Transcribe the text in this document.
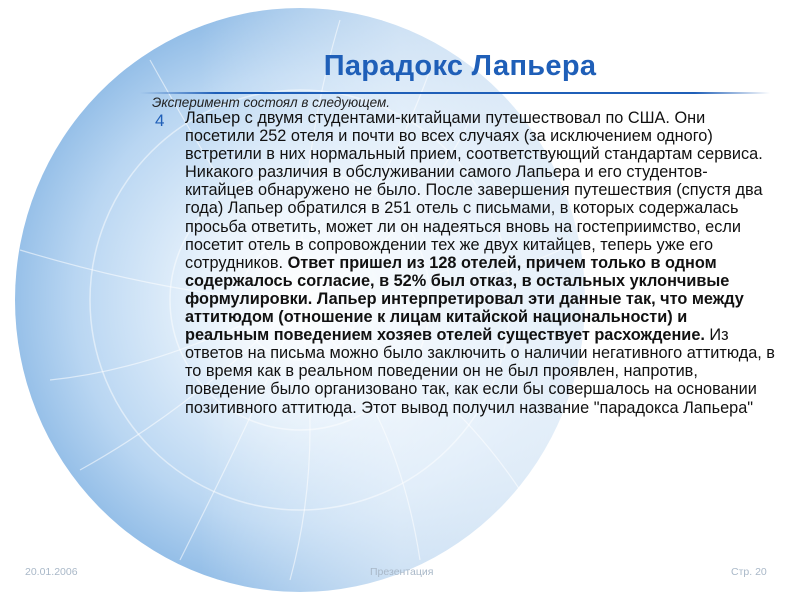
Парадокс Лапьера
Эксперимент состоял в следующем.
4 Лапьер с двумя студентами-китайцами путешествовал по США. Они посетили 252 отеля и почти во всех случаях (за исключением одного) встретили в них нормальный прием, соответствующий стандартам сервиса. Никакого различия в обслуживании самого Лапьера и его студентов-китайцев обнаружено не было. После завершения путешествия (спустя два года) Лапьер обратился в 251 отель с письмами, в которых содержалась просьба ответить, может ли он надеяться вновь на гостеприимство, если посетит отель в сопровождении тех же двух китайцев, теперь уже его сотрудников. Ответ пришел из 128 отелей, причем только в одном содержалось согласие, в 52% был отказ, в остальных уклончивые формулировки. Лапьер интерпретировал эти данные так, что между аттитюдом (отношение к лицам китайской национальности) и реальным поведением хозяев отелей существует расхождение. Из ответов на письма можно было заключить о наличии негативного аттитюда, в то время как в реальном поведении он не был проявлен, напротив, поведение было организовано так, как если бы совершалось на основании позитивного аттитюда. Этот вывод получил название "парадокса Лапьера"

20.01.2006	Презентация	Стр. 20
